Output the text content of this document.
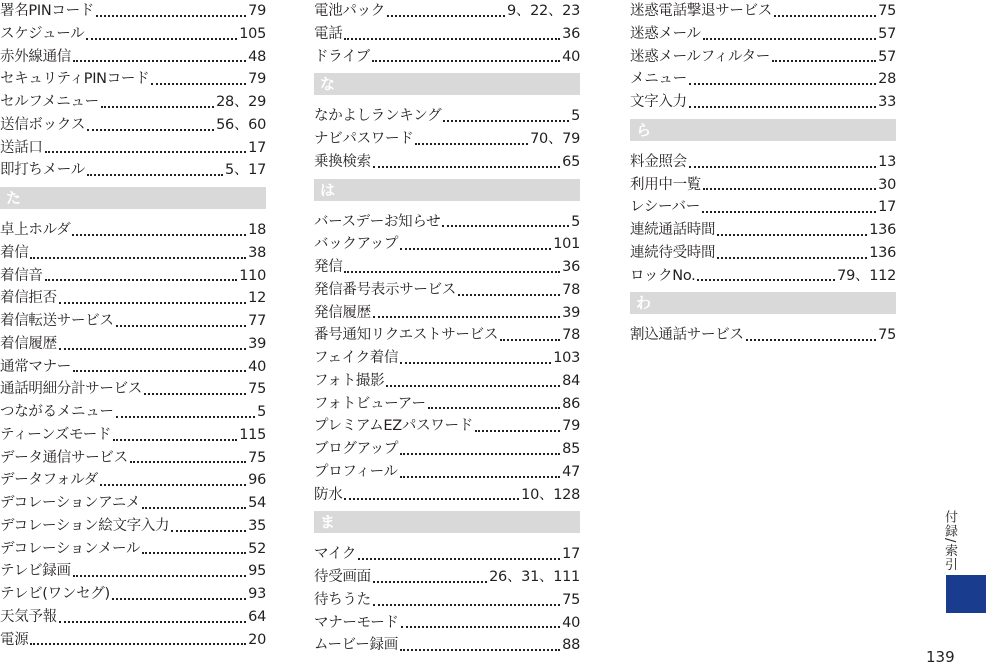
署名PINコード	79
スケジュール	105
赤外線通信	48
セキュリティPINコード	79
セルフメニュー	28、29
送信ボックス	56、60
送話口	17
即打ちメール	5、17
た
卓上ホルダ	18
着信	38
着信音	110
着信拒否	12
着信転送サービス	77
着信履歴	39
通常マナー	40
通話明細分計サービス	75
つながるメニュー	5
ティーンズモード	115
データ通信サービス	75
データフォルダ	96
デコレーションアニメ	54
デコレーション絵文字入力	35
デコレーションメール	52
テレビ録画	95
テレビ(ワンセグ)	93
天気予報	64
電源	20
電池パック	9、22、23
電話	36
ドライブ	40
な
なかよしランキング	5
ナビパスワード	70、79
乗換検索	65
は
バースデーお知らせ	5
バックアップ	101
発信	36
発信番号表示サービス	78
発信履歴	39
番号通知リクエストサービス	78
フェイク着信	103
フォト撮影	84
フォトビューアー	86
プレミアムEZパスワード	79
ブログアップ	85
プロフィール	47
防水	10、128
ま
マイク	17
待受画面	26、31、111
待ちうた	75
マナーモード	40
ムービー録画	88
迷惑電話撃退サービス	75
迷惑メール	57
迷惑メールフィルター	57
メニュー	28
文字入力	33
ら
料金照会	13
利用中一覧	30
レシーバー	17
連続通話時間	136
連続待受時間	136
ロックNo.	79、112
わ
割込通話サービス	75
付録/索引
139
